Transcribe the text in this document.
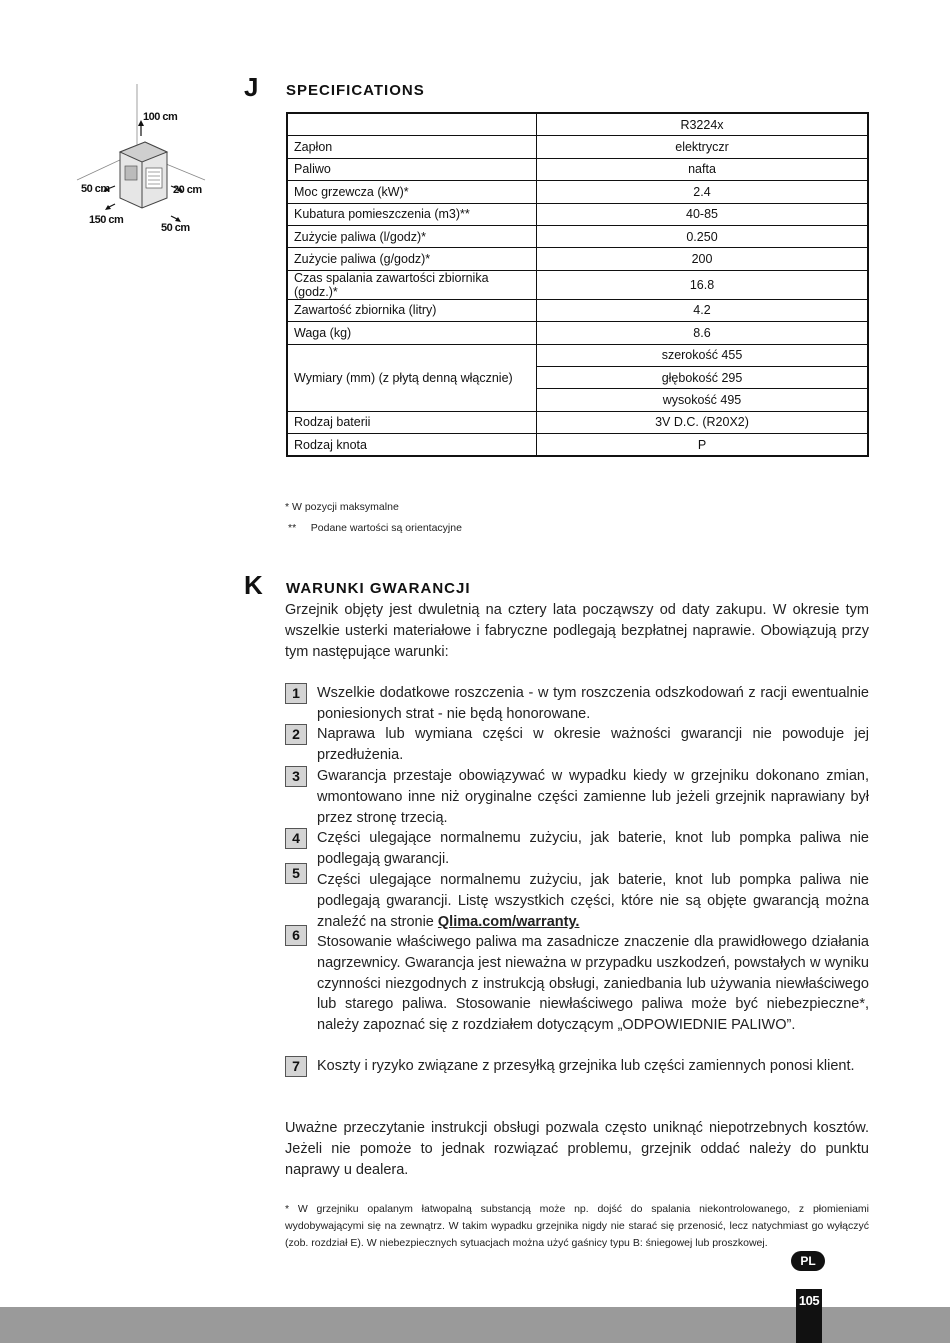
100 cm
50 cm	20 cm
150 cm
50 cm
J SPECIFICATIONS
	R3224x
Zapłon	elektryczr
Paliwo	nafta
Moc grzewcza (kW)*	2.4
Kubatura pomieszczenia (m3)**	40-85
Zużycie paliwa (l/godz)*	0.250
Zużycie paliwa (g/godz)*	200
Czas spalania zawartości zbiornika (godz.)*	16.8
Zawartość zbiornika (litry)	4.2
Waga (kg)	8.6
Wymiary (mm) (z płytą denną włącznie)	szerokość 455
	głębokość 295
	wysokość 495
Rodzaj baterii	3V D.C. (R20X2)
Rodzaj knota	P
* W pozycji maksymalne
**     Podane wartości są orientacyjne
K WARUNKI GWARANCJI
Grzejnik objęty jest dwuletnią na cztery lata począwszy od daty zakupu. W okresie tym wszelkie usterki materiałowe i fabryczne podlegają bezpłatnej naprawie. Obowiązują przy tym następujące warunki:
1	Wszelkie dodatkowe roszczenia - w tym roszczenia odszkodowań z racji ewentualnie poniesionych strat - nie będą honorowane.
2	Naprawa lub wymiana części w okresie ważności gwarancji nie powoduje jej przedłużenia.
3	Gwarancja przestaje obowiązywać w wypadku kiedy w grzejniku dokonano zmian, wmontowano inne niż oryginalne części zamienne lub jeżeli grzejnik naprawiany był przez stronę trzecią.
4	Części ulegające normalnemu zużyciu, jak baterie, knot lub pompka paliwa nie podlegają gwarancji.
5	Części ulegające normalnemu zużyciu, jak baterie, knot lub pompka paliwa nie podlegają gwarancji. Listę wszystkich części, które nie są objęte gwarancją można znaleźć na stronie Qlima.com/warranty.
6	Stosowanie właściwego paliwa ma zasadnicze znaczenie dla prawidłowego działania nagrzewnicy. Gwarancja jest nieważna w przypadku uszkodzeń, powstałych w wyniku czynności niezgodnych z instrukcją obsługi, zaniedbania lub używania niewłaściwego lub starego paliwa. Stosowanie niewłaściwego paliwa może być niebezpieczne*, należy zapoznać się z rozdziałem dotyczącym „ODPOWIEDNIE PALIWO”.
7	Koszty i ryzyko związane z przesyłką grzejnika lub części zamiennych ponosi klient.
Uważne przeczytanie instrukcji obsługi pozwala często uniknąć niepotrzebnych kosztów. Jeżeli nie pomoże to jednak rozwiązać problemu, grzejnik oddać należy do punktu naprawy u dealera.
* W grzejniku opalanym łatwopalną substancją może np. dojść do spalania niekontrolowanego, z płomieniami wydobywającymi się na zewnątrz. W takim wypadku grzejnika nigdy nie starać się przenosić, lecz natychmiast go wyłączyć (zob. rozdział E). W niebezpiecznych sytuacjach można użyć gaśnicy typu B: śniegowej lub proszkowej.
PL
105
